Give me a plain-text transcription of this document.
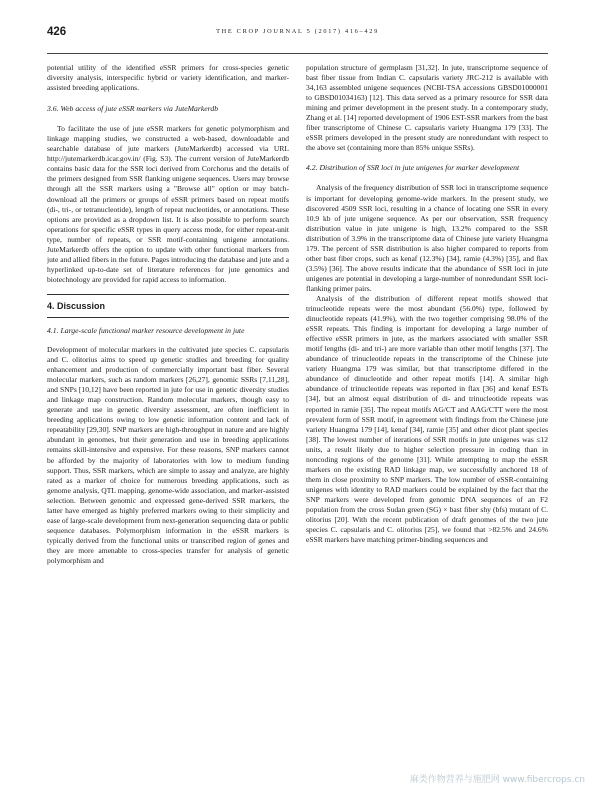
426	THE CROP JOURNAL 5 (2017) 416–429

potential utility of the identified eSSR primers for cross-species genetic diversity analysis, interspecific hybrid or variety identification, and marker-assisted breeding applications.

3.6. Web access of jute eSSR markers via JuteMarkerdb

To facilitate the use of jute eSSR markers for genetic polymorphism and linkage mapping studies, we constructed a web-based, downloadable and searchable database of jute markers (JuteMarkerdb) accessed via URL http://jutemarkerdb.icar.gov.in/ (Fig. S3). The current version of JuteMarkerdb contains basic data for the SSR loci derived from Corchorus and the details of the primers designed from SSR flanking unigene sequences. Users may browse through all the SSR markers using a "Browse all" option or may batch-download all the primers or groups of eSSR primers based on repeat motifs (di-, tri-, or tetranucleotide), length of repeat nucleotides, or annotations. These options are provided as a dropdown list. It is also possible to perform search operations for specific eSSR types in query access mode, for either repeat-unit type, number of repeats, or SSR motif-containing unigene annotations. JuteMarkerdb offers the option to update with other functional markers from jute and allied fibers in the future. Pages introducing the database and jute and a hyperlinked up-to-date set of literature references for jute genomics and biotechnology are provided for rapid access to information.

4. Discussion
4.1. Large-scale functional marker resource development in jute

Development of molecular markers in the cultivated jute species C. capsularis and C. olitorius aims to speed up genetic studies and breeding for quality enhancement and production of commercially important bast fiber. Several molecular markers, such as random markers [26,27], genomic SSRs [7,11,28], and SNPs [10,12] have been reported in jute for use in genetic diversity studies and linkage map construction. Random molecular markers, though easy to generate and use in genetic diversity assessment, are often inefficient in breeding applications owing to low genetic information content and lack of repeatability [29,30]. SNP markers are high-throughput in nature and are highly abundant in genomes, but their generation and use in breeding applications remains skill-intensive and expensive. For these reasons, SNP markers cannot be afforded by the majority of laboratories with low to medium funding support. Thus, SSR markers, which are simple to assay and analyze, are highly rated as a marker of choice for numerous breeding applications, such as genome analysis, QTL mapping, genome-wide association, and marker-assisted selection. Between genomic and expressed gene-derived SSR markers, the latter have emerged as highly preferred markers owing to their simplicity and ease of large-scale development from next-generation sequencing data or public sequence databases. Polymorphism information in the eSSR markers is typically derived from the functional units or transcribed region of genes and they are more amenable to cross-species transfer for analysis of genetic polymorphism and

population structure of germplasm [31,32]. In jute, transcriptome sequence of bast fiber tissue from Indian C. capsularis variety JRC-212 is available with 34,163 assembled unigene sequences (NCBI-TSA accessions GBSD01000001 to GBSD01034163) [12]. This data served as a primary resource for SSR data mining and primer development in the present study. In a contemporary study, Zhang et al. [14] reported development of 1906 EST-SSR markers from the bast fiber transcriptome of Chinese C. capsularis variety Huangma 179 [33]. The eSSR primers developed in the present study are nonredundant with respect to the above set (containing more than 85% unique SSRs).

4.2. Distribution of SSR loci in jute unigenes for marker development

Analysis of the frequency distribution of SSR loci in transcriptome sequence is important for developing genome-wide markers. In the present study, we discovered 4509 SSR loci, resulting in a chance of locating one SSR in every 10.9 kb of jute unigene sequence. As per our observation, SSR frequency distribution value in jute unigene is high, 13.2% compared to the SSR distribution of 3.9% in the transcriptome data of Chinese jute variety Huangma 179. The percent of SSR distribution is also higher compared to reports from other bast fiber crops, such as kenaf (12.3%) [34], ramie (4.3%) [35], and flax (3.5%) [36]. The above results indicate that the abundance of SSR loci in jute unigenes are potential in developing a large-number of nonredundant SSR loci-flanking primer pairs.

Analysis of the distribution of different repeat motifs showed that trinucleotide repeats were the most abundant (56.0%) type, followed by dinucleotide repeats (41.9%), with the two together comprising 98.0% of the eSSR repeats. This finding is important for developing a large number of effective eSSR primers in jute, as the markers associated with smaller SSR motif lengths (di- and tri-) are more variable than other motif lengths [37]. The abundance of trinucleotide repeats in the transcriptome of the Chinese jute variety Huangma 179 was similar, but that transcriptome differed in the abundance of dinucleotide and other repeat motifs [14]. A similar high abundance of trinucleotide repeats was reported in flax [36] and kenaf ESTs [34], but an almost equal distribution of di- and trinucleotide repeats was reported in ramie [35]. The repeat motifs AG/CT and AAG/CTT were the most prevalent form of SSR motif, in agreement with findings from the Chinese jute variety Huangma 179 [14], kenaf [34], ramie [35] and other dicot plant species [38]. The lowest number of iterations of SSR motifs in jute unigenes was ≤12 units, a result likely due to higher selection pressure in coding than in noncoding regions of the genome [31]. While attempting to map the eSSR markers on the existing RAD linkage map, we successfully anchored 18 of them in close proximity to SNP markers. The low number of eSSR-containing unigenes with identity to RAD markers could be explained by the fact that the SNP markers were developed from genomic DNA sequences of an F2 population from the cross Sudan green (SG) × bast fiber shy (bfs) mutant of C. olitorius [20]. With the recent publication of draft genomes of the two jute species C. capsularis and C. olitorius [25], we found that >82.5% and 24.6% eSSR markers have matching primer-binding sequences and

麻类作物营养与施肥网 www.fibercrops.cn
